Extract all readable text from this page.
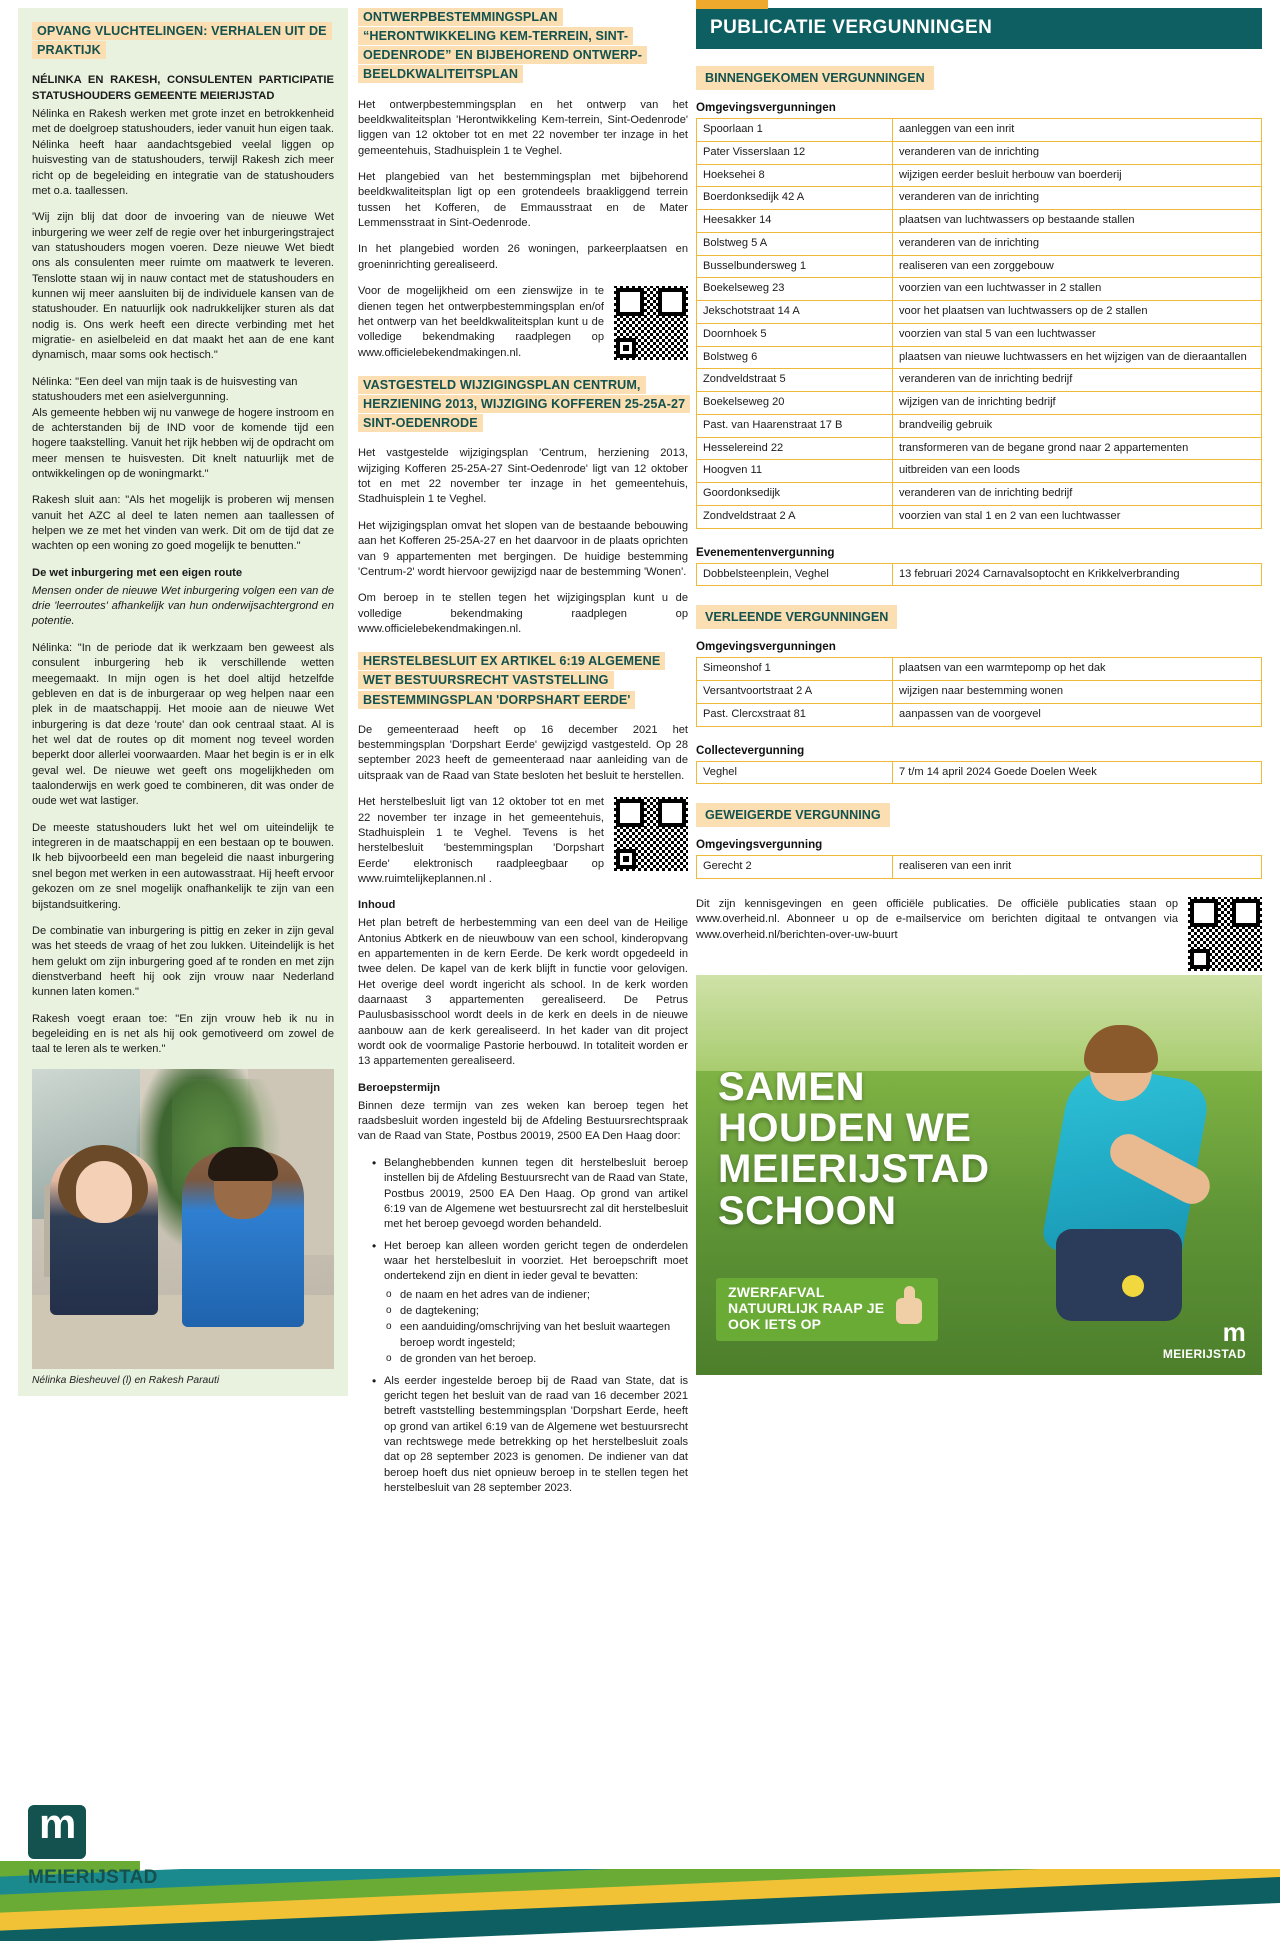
OPVANG VLUCHTELINGEN: VERHALEN UIT DE PRAKTIJK
NÉLINKA EN RAKESH, CONSULENTEN PARTICIPATIE STATUSHOUDERS GEMEENTE MEIERIJSTAD

Nélinka en Rakesh werken met grote inzet en betrokkenheid met de doelgroep statushouders, ieder vanuit hun eigen taak. Nélinka heeft haar aandachtsgebied veelal liggen op huisvesting van de statushouders, terwijl Rakesh zich meer richt op de begeleiding en integratie van de statushouders met o.a. taallessen.

'Wij zijn blij dat door de invoering van de nieuwe Wet inburgering we weer zelf de regie over het inburgeringstraject van statushouders mogen voeren. Deze nieuwe Wet biedt ons als consulenten meer ruimte om maatwerk te leveren. Tenslotte staan wij in nauw contact met de statushouders en kunnen wij meer aansluiten bij de individuele kansen van de statushouder. En natuurlijk ook nadrukkelijker sturen als dat nodig is. Ons werk heeft een directe verbinding met het migratie- en asielbeleid en dat maakt het aan de ene kant dynamisch, maar soms ook hectisch."

Nélinka: "Een deel van mijn taak is de huisvesting van statushouders met een asielvergunning.

Als gemeente hebben wij nu vanwege de hogere instroom en de achterstanden bij de IND voor de komende tijd een hogere taakstelling. Vanuit het rijk hebben wij de opdracht om meer mensen te huisvesten. Dit knelt natuurlijk met de ontwikkelingen op de woningmarkt."

Rakesh sluit aan: "Als het mogelijk is proberen wij mensen vanuit het AZC al deel te laten nemen aan taallessen of helpen we ze met het vinden van werk. Dit om de tijd dat ze wachten op een woning zo goed mogelijk te benutten."

De wet inburgering met een eigen route

Mensen onder de nieuwe Wet inburgering volgen een van de drie 'leerroutes' afhankelijk van hun onderwijsachtergrond en potentie.

Nélinka: "In de periode dat ik werkzaam ben geweest als consulent inburgering heb ik verschillende wetten meegemaakt. In mijn ogen is het doel altijd hetzelfde gebleven en dat is de inburgeraar op weg helpen naar een plek in de maatschappij. Het mooie aan de nieuwe Wet inburgering is dat deze 'route' dan ook centraal staat. Al is het wel dat de routes op dit moment nog teveel worden beperkt door allerlei voorwaarden. Maar het begin is er in elk geval wel. De nieuwe wet geeft ons mogelijkheden om taalonderwijs en werk goed te combineren, dit was onder de oude wet wat lastiger.

De meeste statushouders lukt het wel om uiteindelijk te integreren in de maatschappij en een bestaan op te bouwen. Ik heb bijvoorbeeld een man begeleid die naast inburgering snel begon met werken in een autowasstraat. Hij heeft ervoor gekozen om ze snel mogelijk onafhankelijk te zijn van een bijstandsuitkering.

De combinatie van inburgering is pittig en zeker in zijn geval was het steeds de vraag of het zou lukken. Uiteindelijk is het hem gelukt om zijn inburgering goed af te ronden en met zijn dienstverband heeft hij ook zijn vrouw naar Nederland kunnen laten komen."

Rakesh voegt eraan toe: "En zijn vrouw heb ik nu in begeleiding en is net als hij ook gemotiveerd om zowel de taal te leren als te werken."

Nélinka Biesheuvel (l) en Rakesh Parauti
ONTWERPBESTEMMINGSPLAN “HERONTWIKKELING KEM-TERREIN, SINT-OEDENRODE” EN BIJBEHOREND ONTWERP-BEELDKWALITEITSPLAN

Het ontwerpbestemmingsplan en het ontwerp van het beeldkwaliteitsplan 'Herontwikkeling Kem-terrein, Sint-Oedenrode' liggen van 12 oktober tot en met 22 november ter inzage in het gemeentehuis, Stadhuisplein 1 te Veghel.

Het plangebied van het bestemmingsplan met bijbehorend beeldkwaliteitsplan ligt op een grotendeels braakliggend terrein tussen het Kofferen, de Emmausstraat en de Mater Lemmensstraat in Sint-Oedenrode.

In het plangebied worden 26 woningen, parkeerplaatsen en groeninrichting gerealiseerd.

Voor de mogelijkheid om een zienswijze in te dienen tegen het ontwerpbestemmingsplan en/of het ontwerp van het beeldkwaliteitsplan kunt u de volledige bekendmaking raadplegen op www.officielebekendmakingen.nl.

VASTGESTELD WIJZIGINGSPLAN CENTRUM, HERZIENING 2013, WIJZIGING KOFFEREN 25-25A-27 SINT-OEDENRODE

Het vastgestelde wijzigingsplan 'Centrum, herziening 2013, wijziging Kofferen 25-25A-27 Sint-Oedenrode' ligt van 12 oktober tot en met 22 november ter inzage in het gemeentehuis, Stadhuisplein 1 te Veghel.

Het wijzigingsplan omvat het slopen van de bestaande bebouwing aan het Kofferen 25-25A-27 en het daarvoor in de plaats oprichten van 9 appartementen met bergingen. De huidige bestemming 'Centrum-2' wordt hiervoor gewijzigd naar de bestemming 'Wonen'.

Om beroep in te stellen tegen het wijzigingsplan kunt u de volledige bekendmaking raadplegen op www.officielebekendmakingen.nl.

HERSTELBESLUIT EX ARTIKEL 6:19 ALGEMENE WET BESTUURSRECHT VASTSTELLING BESTEMMINGSPLAN 'DORPSHART EERDE'

De gemeenteraad heeft op 16 december 2021 het bestemmingsplan 'Dorpshart Eerde' gewijzigd vastgesteld. Op 28 september 2023 heeft de gemeenteraad naar aanleiding van de uitspraak van de Raad van State besloten het besluit te herstellen.

Het herstelbesluit ligt van 12 oktober tot en met 22 november ter inzage in het gemeentehuis, Stadhuisplein 1 te Veghel. Tevens is het herstelbesluit 'bestemmingsplan 'Dorpshart Eerde' elektronisch raadpleegbaar op www.ruimtelijkeplannen.nl .

Inhoud

Het plan betreft de herbestemming van een deel van de Heilige Antonius Abtkerk en de nieuwbouw van een school, kinderopvang en appartementen in de kern Eerde. De kerk wordt opgedeeld in twee delen. De kapel van de kerk blijft in functie voor gelovigen. Het overige deel wordt ingericht als school. In de kerk worden daarnaast 3 appartementen gerealiseerd. De Petrus Paulusbasisschool wordt deels in de kerk en deels in de nieuwe aanbouw aan de kerk gerealiseerd. In het kader van dit project wordt ook de voormalige Pastorie herbouwd. In totaliteit worden er 13 appartementen gerealiseerd.

Beroepstermijn

Binnen deze termijn van zes weken kan beroep tegen het raadsbesluit worden ingesteld bij de Afdeling Bestuursrechtspraak van de Raad van State, Postbus 20019, 2500 EA Den Haag door:

• Belanghebbenden kunnen tegen dit herstelbesluit beroep instellen bij de Afdeling Bestuursrecht van de Raad van State, Postbus 20019, 2500 EA Den Haag. Op grond van artikel 6:19 van de Algemene wet bestuursrecht zal dit herstelbesluit met het beroep gevoegd worden behandeld.
• Het beroep kan alleen worden gericht tegen de onderdelen waar het herstelbesluit in voorziet. Het beroepschrift moet ondertekend zijn en dient in ieder geval te bevatten:
o de naam en het adres van de indiener;
o de dagtekening;
o een aanduiding/omschrijving van het besluit waartegen beroep wordt ingesteld;
o de gronden van het beroep.
• Als eerder ingestelde beroep bij de Raad van State, dat is gericht tegen het besluit van de raad van 16 december 2021 betreft vaststelling bestemmingsplan 'Dorpshart Eerde, heeft op grond van artikel 6:19 van de Algemene wet bestuursrecht van rechtswege mede betrekking op het herstelbesluit zoals dat op 28 september 2023 is genomen. De indiener van dat beroep hoeft dus niet opnieuw beroep in te stellen tegen het herstelbesluit van 28 september 2023.
PUBLICATIE VERGUNNINGEN
BINNENGEKOMEN VERGUNNINGEN
Omgevingsvergunningen
Spoorlaan 1	aanleggen van een inrit
Pater Visserslaan 12	veranderen van de inrichting
Hoeksehei 8	wijzigen eerder besluit herbouw van boerderij
Boerdonksedijk 42 A	veranderen van de inrichting
Heesakker 14	plaatsen van luchtwassers op bestaande stallen
Bolstweg 5 A	veranderen van de inrichting
Busselbundersweg 1	realiseren van een zorggebouw
Boekelseweg 23	voorzien van een luchtwasser in 2 stallen
Jekschotstraat 14 A	voor het plaatsen van luchtwassers op de 2 stallen
Doornhoek 5	voorzien van stal 5 van een luchtwasser
Bolstweg 6	plaatsen van nieuwe luchtwassers en het wijzigen van de dieraantallen
Zondveldstraat 5	veranderen van de inrichting bedrijf
Boekelseweg 20	wijzigen van de inrichting bedrijf
Past. van Haarenstraat 17 B	brandveilig gebruik
Hesselereind 22	transformeren van de begane grond naar 2 appartementen
Hoogven 11	uitbreiden van een loods
Goordonksedijk	veranderen van de inrichting bedrijf
Zondveldstraat 2 A	voorzien van stal 1 en 2 van een luchtwasser
Evenementenvergunning
Dobbelsteenplein, Veghel	13 februari 2024 Carnavalsoptocht en Krikkelverbranding
VERLEENDE VERGUNNINGEN
Omgevingsvergunningen
Simeonshof 1	plaatsen van een warmtepomp op het dak
Versantvoortstraat 2 A	wijzigen naar bestemming wonen
Past. Clercxstraat 81	aanpassen van de voorgevel
Collectevergunning
Veghel	7 t/m 14 april 2024 Goede Doelen Week
GEWEIGERDE VERGUNNING
Omgevingsvergunning
Gerecht 2	realiseren van een inrit
Dit zijn kennisgevingen en geen officiële publicaties. De officiële publicaties staan op www.overheid.nl. Abonneer u op de e-mailservice om berichten digitaal te ontvangen via www.overheid.nl/berichten-over-uw-buurt
SAMEN
HOUDEN WE
MEIERIJSTAD
SCHOON
ZWERFAFVAL
NATUURLIJK RAAP JE
OOK IETS OP	m
MEIERIJSTAD
m
MEIERIJSTAD
